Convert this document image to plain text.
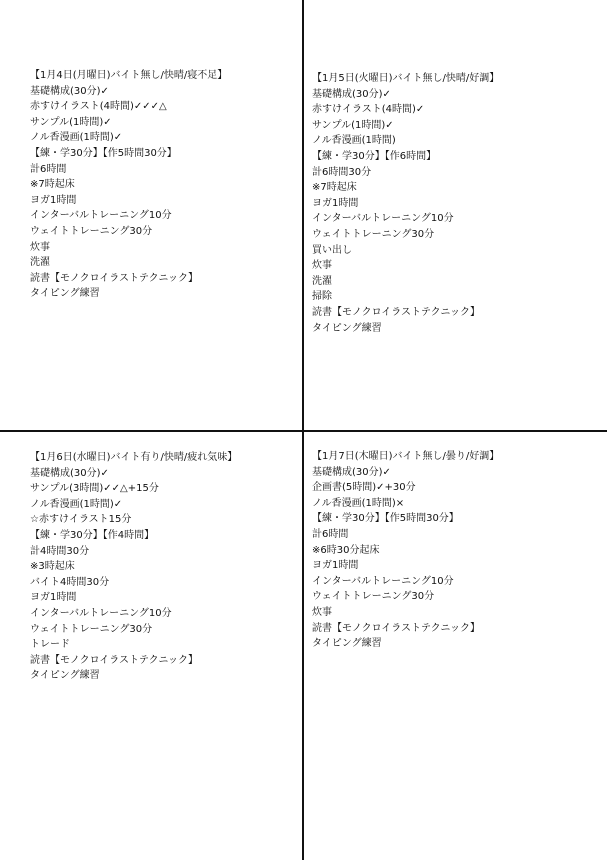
【1月4日(月曜日)バイト無し/快晴/寝不足】
基礎構成(30分)✓
赤すけイラスト(4時間)✓✓✓△
サンプル(1時間)✓
ノル香漫画(1時間)✓
【練・学30分】【作5時間30分】
計6時間
※7時起床
ヨガ1時間
インターバルトレーニング10分
ウェイトトレーニング30分
炊事
洗濯
読書【モノクロイラストテクニック】
タイピング練習
【1月5日(火曜日)バイト無し/快晴/好調】
基礎構成(30分)✓
赤すけイラスト(4時間)✓
サンプル(1時間)✓
ノル香漫画(1時間)
【練・学30分】【作6時間】
計6時間30分
※7時起床
ヨガ1時間
インターバルトレーニング10分
ウェイトトレーニング30分
買い出し
炊事
洗濯
掃除
読書【モノクロイラストテクニック】
タイピング練習
【1月6日(水曜日)バイト有り/快晴/疲れ気味】
基礎構成(30分)✓
サンプル(3時間)✓✓△+15分
ノル香漫画(1時間)✓
☆赤すけイラスト15分
【練・学30分】【作4時間】
計4時間30分
※3時起床
バイト4時間30分
ヨガ1時間
インターバルトレーニング10分
ウェイトトレーニング30分
トレード
読書【モノクロイラストテクニック】
タイピング練習
【1月7日(木曜日)バイト無し/曇り/好調】
基礎構成(30分)✓
企画書(5時間)✓+30分
ノル香漫画(1時間)×
【練・学30分】【作5時間30分】
計6時間
※6時30分起床
ヨガ1時間
インターバルトレーニング10分
ウェイトトレーニング30分
炊事
読書【モノクロイラストテクニック】
タイピング練習
